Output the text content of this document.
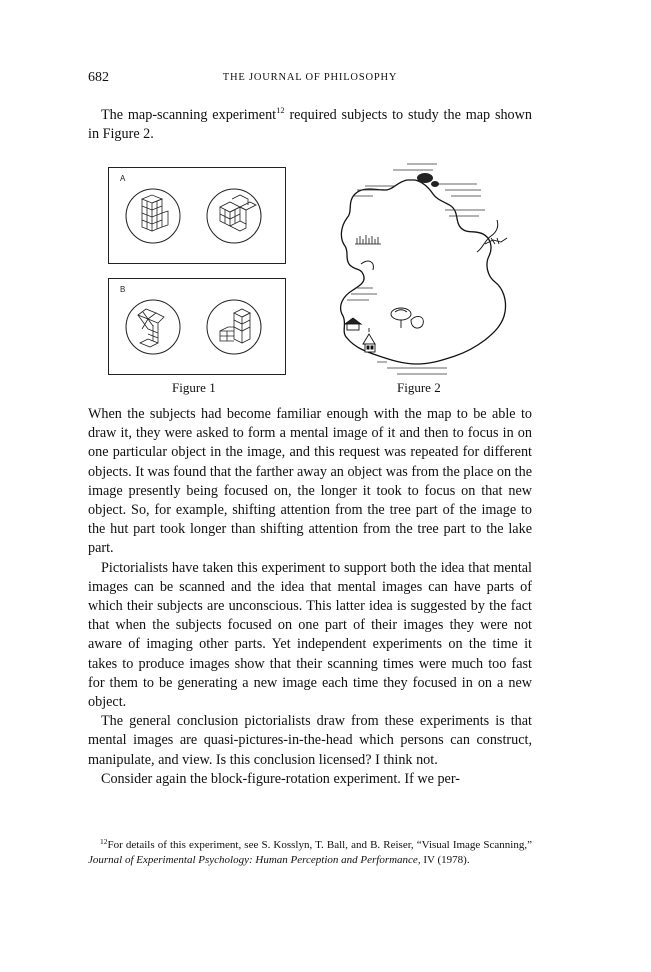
682	THE JOURNAL OF PHILOSOPHY

The map-scanning experiment$^{12}$ required subjects to study the map shown in Figure 2.

A
B
Figure 1	Figure 2

When the subjects had become familiar enough with the map to be able to draw it, they were asked to form a mental image of it and then to focus in on one particular object in the image, and this request was repeated for different objects. It was found that the farther away an object was from the place on the image presently being focused on, the longer it took to focus on that new object. So, for example, shifting attention from the tree part of the image to the hut part took longer than shifting attention from the tree part to the lake part.

Pictorialists have taken this experiment to support both the idea that mental images can be scanned and the idea that mental images can have parts of which their subjects are unconscious. This latter idea is suggested by the fact that when the subjects focused on one part of their images they were not aware of imaging other parts. Yet independent experiments on the time it takes to produce images show that their scanning times were much too fast for them to be generating a new image each time they focused in on a new object.

The general conclusion pictorialists draw from these experiments is that mental images are quasi-pictures-in-the-head which persons can construct, manipulate, and view. Is this conclusion licensed? I think not.

Consider again the block-figure-rotation experiment. If we per-

$^{12}$For details of this experiment, see S. Kosslyn, T. Ball, and B. Reiser, “Visual Image Scanning,” Journal of Experimental Psychology: Human Perception and Performance, IV (1978).
